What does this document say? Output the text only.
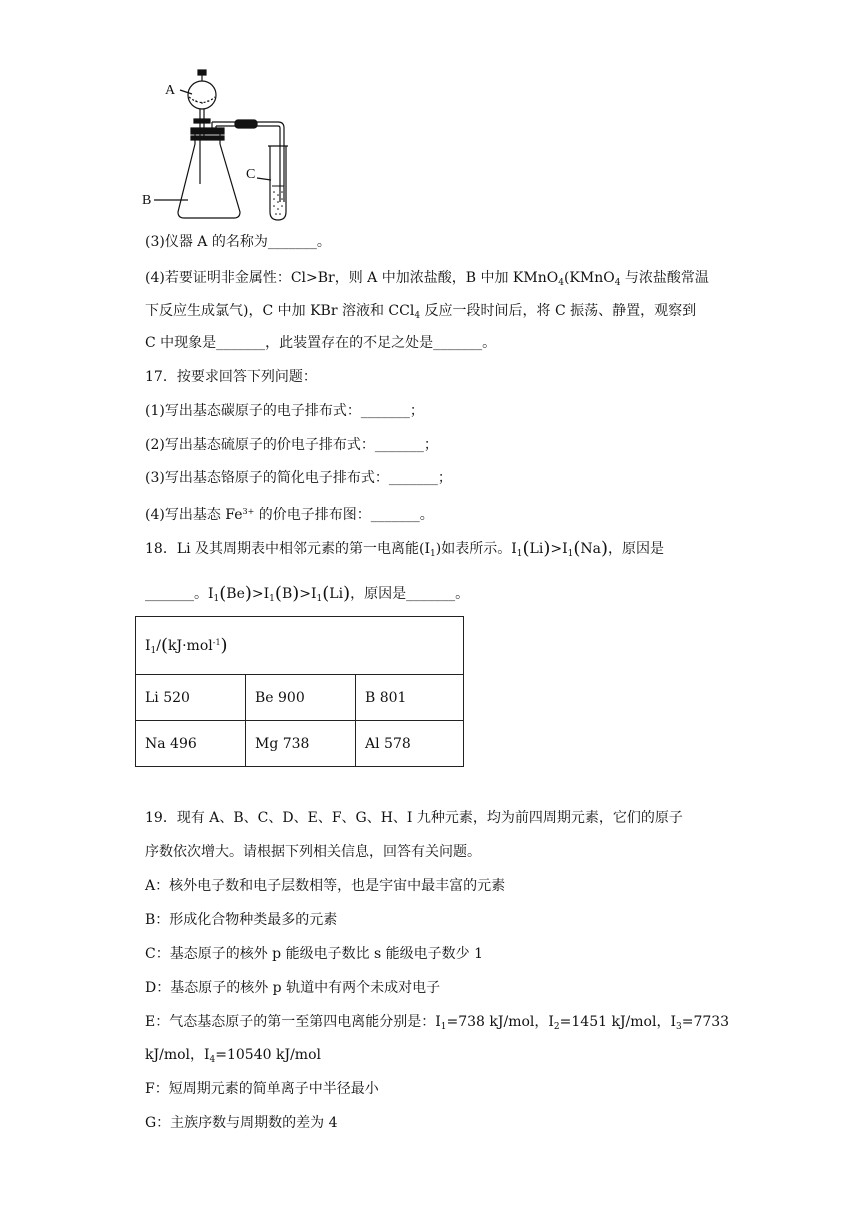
A
B
C
(3)仪器 A 的名称为_______。
(4)若要证明非金属性：Cl>Br，则 A 中加浓盐酸，B 中加 KMnO$_4$(KMnO$_4$ 与浓盐酸常温
下反应生成氯气)，C 中加 KBr 溶液和 CCl$_4$ 反应一段时间后，将 C 振荡、静置，观察到
C 中现象是_______，此装置存在的不足之处是_______。
17．按要求回答下列问题：
(1)写出基态碳原子的电子排布式：_______；
(2)写出基态硫原子的价电子排布式：_______；
(3)写出基态铬原子的简化电子排布式：_______；
(4)写出基态 $Fe^{3+}$ 的价电子排布图：_______。
18．Li 及其周期表中相邻元素的第一电离能$(I_1)$如表所示。$I_1(Li)>I_1(Na)$，原因是
_______。$I_1(Be)>I_1(B)>I_1(Li)$，原因是_______。
$I_1/(kJ\cdot mol^{-1})$		
Li 520	Be 900	B 801
Na 496	Mg 738	Al 578
19．现有 A、B、C、D、E、F、G、H、I 九种元素，均为前四周期元素，它们的原子
序数依次增大。请根据下列相关信息，回答有关问题。
A：核外电子数和电子层数相等，也是宇宙中最丰富的元素
B：形成化合物种类最多的元素
C：基态原子的核外 p 能级电子数比 s 能级电子数少 1
D：基态原子的核外 p 轨道中有两个未成对电子
E：气态基态原子的第一至第四电离能分别是：$I_1=738$ kJ/mol，$I_2=1451$ kJ/mol，$I_3=7733$
kJ/mol，$I_4=10540$ kJ/mol
F：短周期元素的简单离子中半径最小
G：主族序数与周期数的差为 4
